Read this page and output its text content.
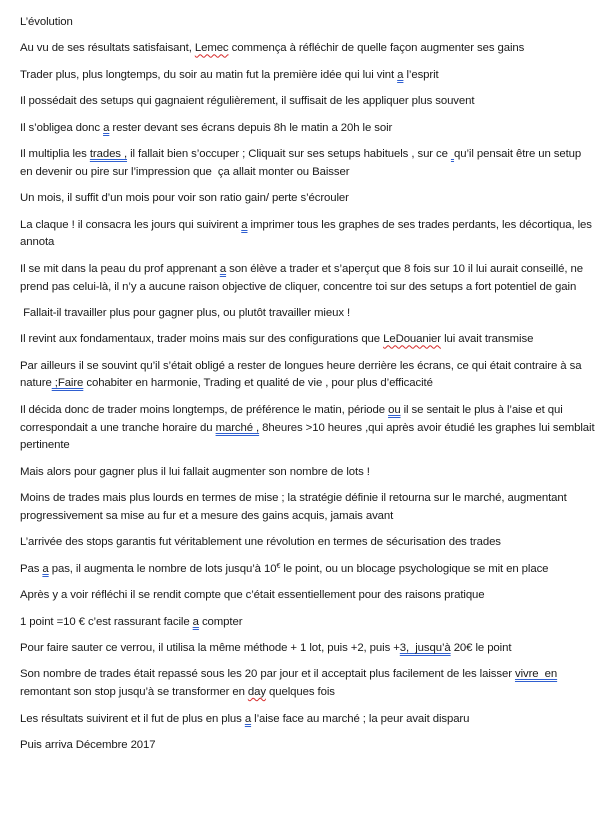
L’évolution

Au vu de ses résultats satisfaisant, Lemec commença à réfléchir de quelle façon augmenter ses gains

Trader plus, plus longtemps, du soir au matin fut la première idée qui lui vint a l’esprit

Il possédait des setups qui gagnaient régulièrement, il suffisait de les appliquer plus souvent

Il s’obligea donc a rester devant ses écrans depuis 8h le matin a 20h le soir

Il multiplia les trades , il fallait bien s’occuper ; Cliquait sur ses setups habituels , sur ce  qu’il pensait être un setup en devenir ou pire sur l’impression que  ça allait monter ou Baisser

Un mois, il suffit d’un mois pour voir son ratio gain/ perte s’écrouler

La claque ! il consacra les jours qui suivirent a imprimer tous les graphes de ses trades perdants, les décortiqua, les annota

Il se mit dans la peau du prof apprenant a son élève a trader et s’aperçut que 8 fois sur 10 il lui aurait conseillé, ne prend pas celui-là, il n’y a aucune raison objective de cliquer, concentre toi sur des setups a fort potentiel de gain

Fallait-il travailler plus pour gagner plus, ou plutôt travailler mieux !

Il revint aux fondamentaux, trader moins mais sur des configurations que LeDouanier lui avait transmise

Par ailleurs il se souvint qu’il s’était obligé a rester de longues heure derrière les écrans, ce qui était contraire à sa nature ;Faire cohabiter en harmonie, Trading et qualité de vie , pour plus d’efficacité

Il décida donc de trader moins longtemps, de préférence le matin, période ou il se sentait le plus à l’aise et qui correspondait a une tranche horaire du marché , 8heures >10 heures ,qui après avoir étudié les graphes lui semblait pertinente

Mais alors pour gagner plus il lui fallait augmenter son nombre de lots !

Moins de trades mais plus lourds en termes de mise ; la stratégie définie il retourna sur le marché, augmentant progressivement sa mise au fur et a mesure des gains acquis, jamais avant

L’arrivée des stops garantis fut véritablement une révolution en termes de sécurisation des trades

Pas a pas, il augmenta le nombre de lots jusqu’à 10€ le point, ou un blocage psychologique se mit en place

Après y a voir réfléchi il se rendit compte que c’était essentiellement pour des raisons pratique

1 point =10 € c’est rassurant facile a compter

Pour faire sauter ce verrou, il utilisa la même méthode + 1 lot, puis +2, puis +3,  jusqu’à 20€ le point

Son nombre de trades était repassé sous les 20 par jour et il acceptait plus facilement de les laisser vivre  en remontant son stop jusqu’à se transformer en day quelques fois

Les résultats suivirent et il fut de plus en plus a l’aise face au marché ; la peur avait disparu

Puis arriva Décembre 2017
